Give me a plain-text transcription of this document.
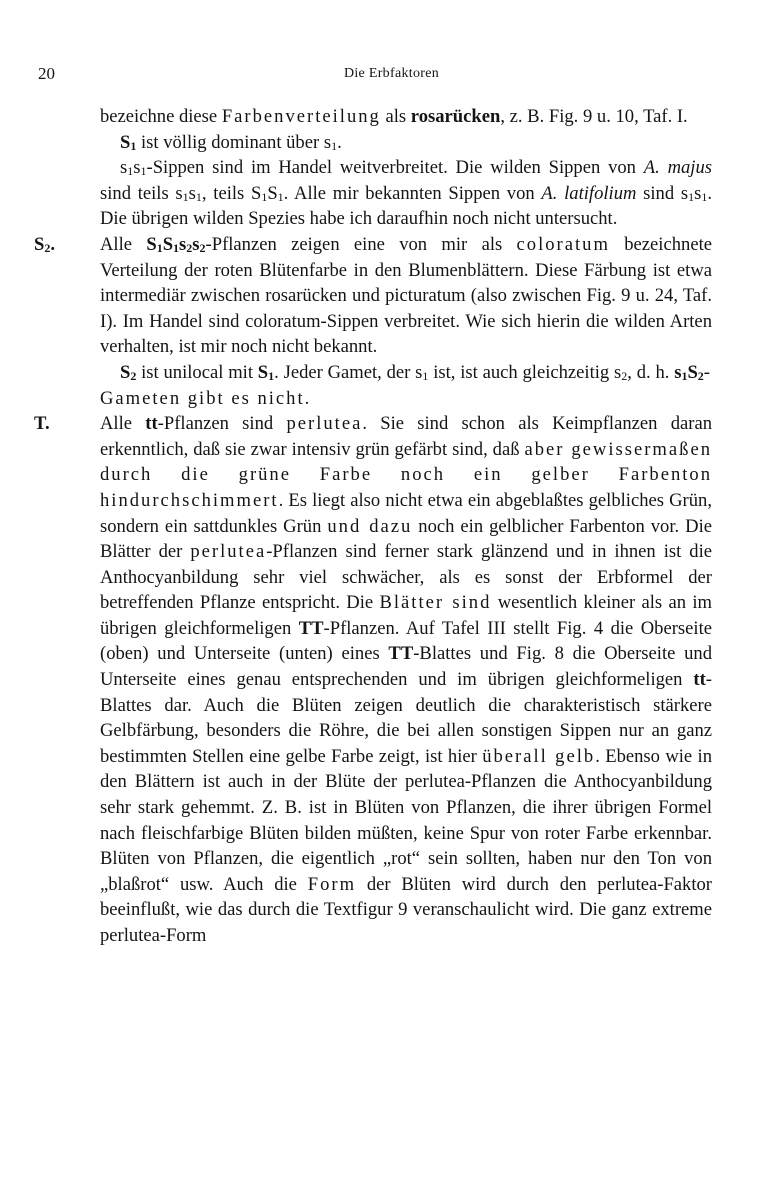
20	Die Erbfaktoren

bezeichne diese Farbenverteilung als rosarücken, z. B. Fig. 9 u. 10, Taf. I.

$S_1$ ist völlig dominant über $s_1$.

$s_1s_1$-Sippen sind im Handel weitverbreitet. Die wilden Sippen von A. majus sind teils $s_1s_1$, teils $S_1S_1$. Alle mir bekannten Sippen von A. latifolium sind $s_1s_1$. Die übrigen wilden Spezies habe ich daraufhin noch nicht untersucht.

$S_2$. Alle $S_1S_1s_2s_2$-Pflanzen zeigen eine von mir als coloratum bezeichnete Verteilung der roten Blütenfarbe in den Blumenblättern. Diese Färbung ist etwa intermediär zwischen rosarücken und picturatum (also zwischen Fig. 9 u. 24, Taf. I). Im Handel sind coloratum-Sippen verbreitet. Wie sich hierin die wilden Arten verhalten, ist mir noch nicht bekannt.

$S_2$ ist unilocal mit $S_1$. Jeder Gamet, der $s_1$ ist, ist auch gleichzeitig $s_2$, d. h. $s_1S_2$-Gameten gibt es nicht.

T.	Alle tt-Pflanzen sind perlutea. Sie sind schon als Keimpflanzen daran erkenntlich, daß sie zwar intensiv grün gefärbt sind, daß aber gewissermaßen durch die grüne Farbe noch ein gelber Farbenton hindurchschimmert. Es liegt also nicht etwa ein abgeblaßtes gelbliches Grün, sondern ein sattdunkles Grün und dazu noch ein gelblicher Farbenton vor. Die Blätter der perlutea-Pflanzen sind ferner stark glänzend und in ihnen ist die Anthocyanbildung sehr viel schwächer, als es sonst der Erbformel der betreffenden Pflanze entspricht. Die Blätter sind wesentlich kleiner als an im übrigen gleichformeligen TT-Pflanzen. Auf Tafel III stellt Fig. 4 die Oberseite (oben) und Unterseite (unten) eines TT-Blattes und Fig. 8 die Oberseite und Unterseite eines genau entsprechenden und im übrigen gleichformeligen tt-Blattes dar. Auch die Blüten zeigen deutlich die charakteristisch stärkere Gelbfärbung, besonders die Röhre, die bei allen sonstigen Sippen nur an ganz bestimmten Stellen eine gelbe Farbe zeigt, ist hier überall gelb. Ebenso wie in den Blättern ist auch in der Blüte der perlutea-Pflanzen die Anthocyanbildung sehr stark gehemmt. Z. B. ist in Blüten von Pflanzen, die ihrer übrigen Formel nach fleischfarbige Blüten bilden müßten, keine Spur von roter Farbe erkennbar. Blüten von Pflanzen, die eigentlich „rot“ sein sollten, haben nur den Ton von „blaßrot“ usw. Auch die Form der Blüten wird durch den perlutea-Faktor beeinflußt, wie das durch die Textfigur 9 veranschaulicht wird. Die ganz extreme perlutea-Form
